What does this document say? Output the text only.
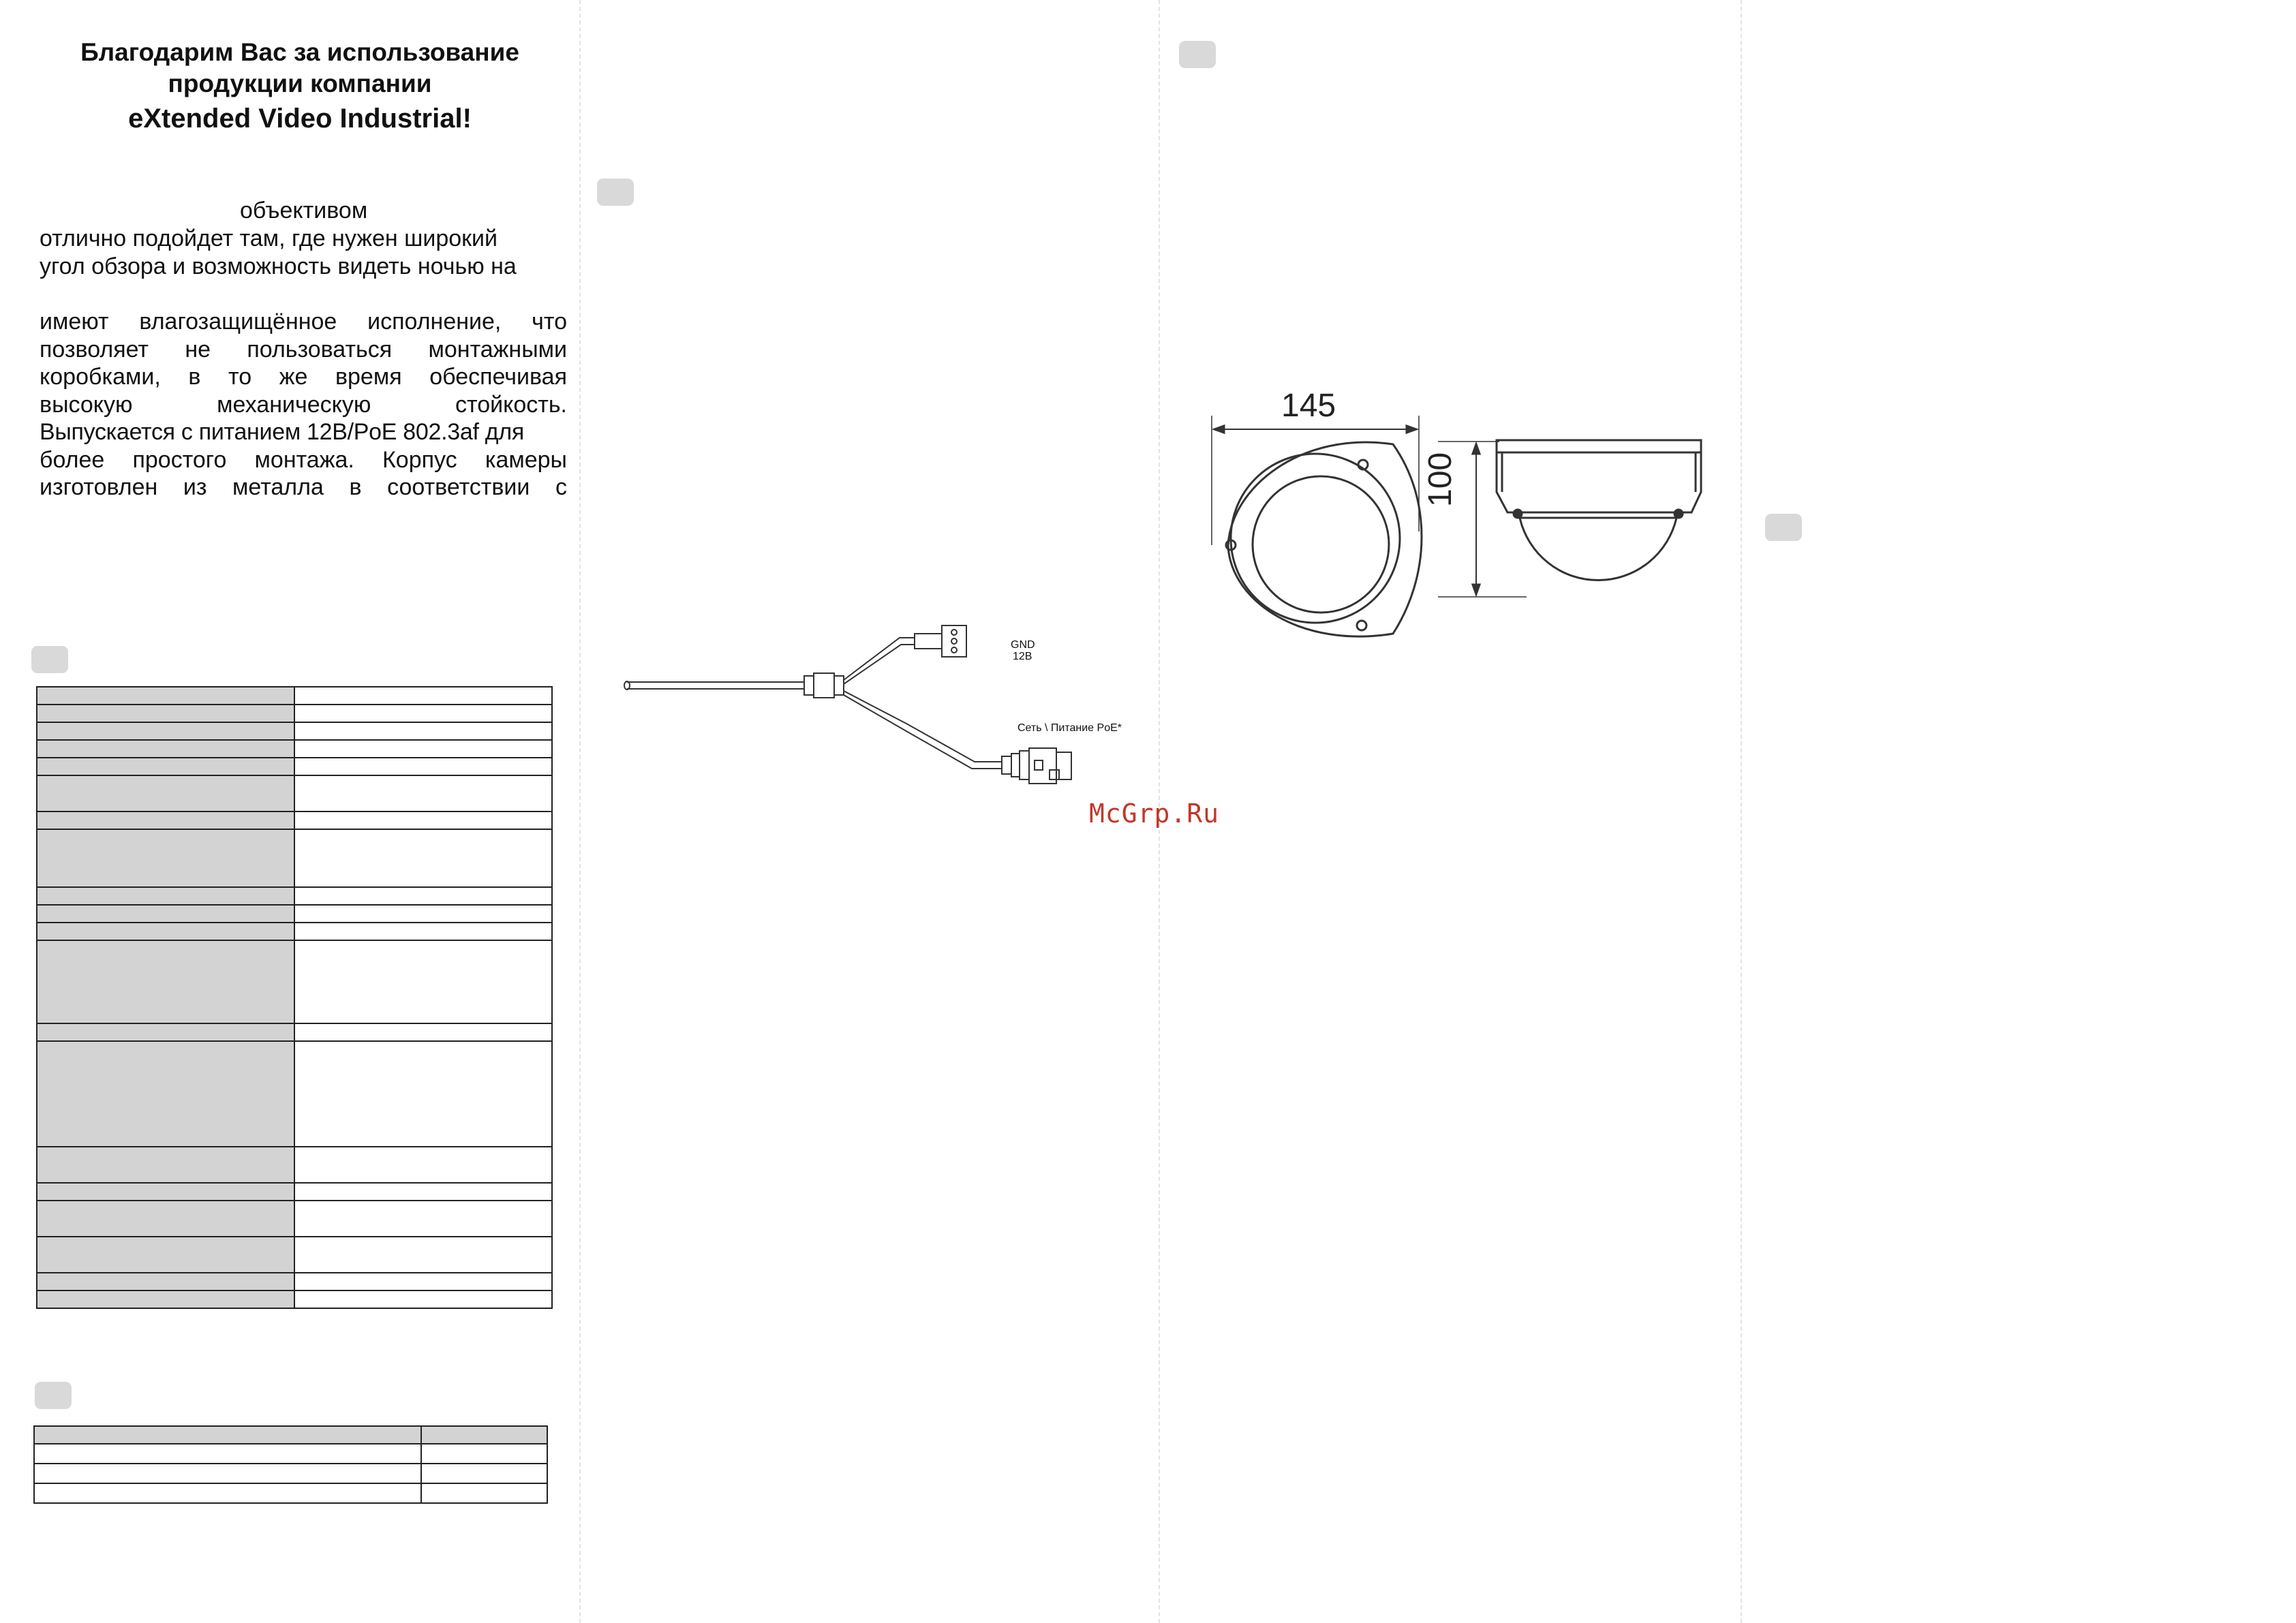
Благодарим Вас за использование
продукции компании
eXtended Video Industrial!
объективом
отлично подойдет там, где нужен широкий
угол обзора и возможность видеть ночью на
имеют влагозащищённое исполнение, что
позволяет не пользоваться монтажными
коробками, в то же время обеспечивая
высокую механическую стойкость.
Выпускается с питанием 12В/PoE 802.3af для
более простого монтажа. Корпус камеры
изготовлен из металла в соответствии с

GND
12В
Сеть \ Питание PoE*
145
100
McGrp.Ru
